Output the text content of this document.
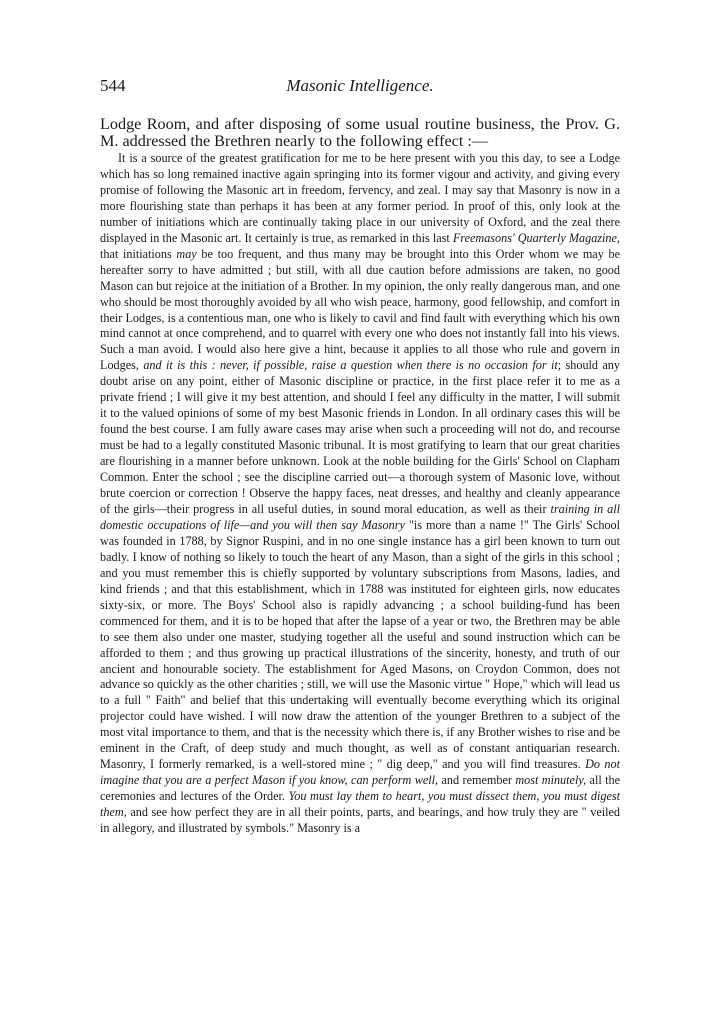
544	Masonic Intelligence.
Lodge Room, and after disposing of some usual routine business, the Prov. G. M. addressed the Brethren nearly to the following effect :—
It is a source of the greatest gratification for me to be here present with you this day, to see a Lodge which has so long remained inactive again springing into its former vigour and activity, and giving every promise of following the Masonic art in freedom, fervency, and zeal. I may say that Masonry is now in a more flourishing state than perhaps it has been at any former period. In proof of this, only look at the number of initiations which are continually taking place in our university of Oxford, and the zeal there displayed in the Masonic art. It certainly is true, as remarked in this last Freemasons' Quarterly Magazine, that initiations may be too frequent, and thus many may be brought into this Order whom we may be hereafter sorry to have admitted ; but still, with all due caution before admissions are taken, no good Mason can but rejoice at the initiation of a Brother. In my opinion, the only really dangerous man, and one who should be most thoroughly avoided by all who wish peace, harmony, good fellowship, and comfort in their Lodges, is a contentious man, one who is likely to cavil and find fault with everything which his own mind cannot at once comprehend, and to quarrel with every one who does not instantly fall into his views. Such a man avoid. I would also here give a hint, because it applies to all those who rule and govern in Lodges, and it is this : never, if possible, raise a question when there is no occasion for it; should any doubt arise on any point, either of Masonic discipline or practice, in the first place refer it to me as a private friend ; I will give it my best attention, and should I feel any difficulty in the matter, I will submit it to the valued opinions of some of my best Masonic friends in London. In all ordinary cases this will be found the best course. I am fully aware cases may arise when such a proceeding will not do, and recourse must be had to a legally constituted Masonic tribunal. It is most gratifying to learn that our great charities are flourishing in a manner before unknown. Look at the noble building for the Girls' School on Clapham Common. Enter the school ; see the discipline carried out—a thorough system of Masonic love, without brute coercion or correction ! Observe the happy faces, neat dresses, and healthy and cleanly appearance of the girls—their progress in all useful duties, in sound moral education, as well as their training in all domestic occupations of life—and you will then say Masonry "is more than a name !" The Girls' School was founded in 1788, by Signor Ruspini, and in no one single instance has a girl been known to turn out badly. I know of nothing so likely to touch the heart of any Mason, than a sight of the girls in this school ; and you must remember this is chiefly supported by voluntary subscriptions from Masons, ladies, and kind friends ; and that this establishment, which in 1788 was instituted for eighteen girls, now educates sixty-six, or more. The Boys' School also is rapidly advancing ; a school building-fund has been commenced for them, and it is to be hoped that after the lapse of a year or two, the Brethren may be able to see them also under one master, studying together all the useful and sound instruction which can be afforded to them ; and thus growing up practical illustrations of the sincerity, honesty, and truth of our ancient and honourable society. The establishment for Aged Masons, on Croydon Common, does not advance so quickly as the other charities ; still, we will use the Masonic virtue " Hope," which will lead us to a full " Faith" and belief that this undertaking will eventually become everything which its original projector could have wished. I will now draw the attention of the younger Brethren to a subject of the most vital importance to them, and that is the necessity which there is, if any Brother wishes to rise and be eminent in the Craft, of deep study and much thought, as well as of constant antiquarian research. Masonry, I formerly remarked, is a well-stored mine ; " dig deep," and you will find treasures. Do not imagine that you are a perfect Mason if you know, can perform well, and remember most minutely, all the ceremonies and lectures of the Order. You must lay them to heart, you must dissect them, you must digest them, and see how perfect they are in all their points, parts, and bearings, and how truly they are " veiled in allegory, and illustrated by symbols." Masonry is a
